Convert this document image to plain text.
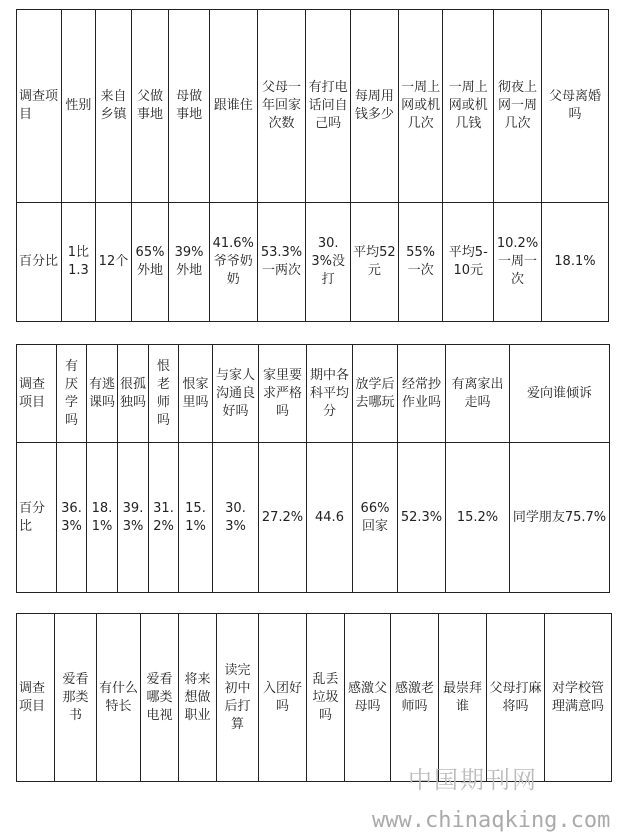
调查项目	性别	来自乡镇	父做事地	母做事地	跟谁住	父母一年回家次数	有打电话问自己吗	每周用钱多少	一周上网或机几次	一周上网或机几钱	彻夜上网一周几次	父母离婚吗
百分比	1比1.3	12个	65%外地	39%外地	41.6%爷爷奶奶	53.3%一两次	30.3%没打	平均52元	55%一次	平均5-10元	10.2%一周一次	18.1%
调查项目	有厌学吗	有逃课吗	很孤独吗	恨老师吗	恨家里吗	与家人沟通良好吗	家里要求严格吗	期中各科平均分	放学后去哪玩	经常抄作业吗	有离家出走吗	爱向谁倾诉
百分比	36.3%	18.1%	39.3%	31.2%	15.1%	30.3%	27.2%	44.6	66%回家	52.3%	15.2%	同学朋友75.7%
调查项目	爱看那类书	有什么特长	爱看哪类电视	将来想做职业	读完初中后打算	入团好吗	乱丢垃圾吗	感激父母吗	感激老师吗	最崇拜谁	父母打麻将吗	对学校管理满意吗
中国期刊网
www.chinaqking.com
